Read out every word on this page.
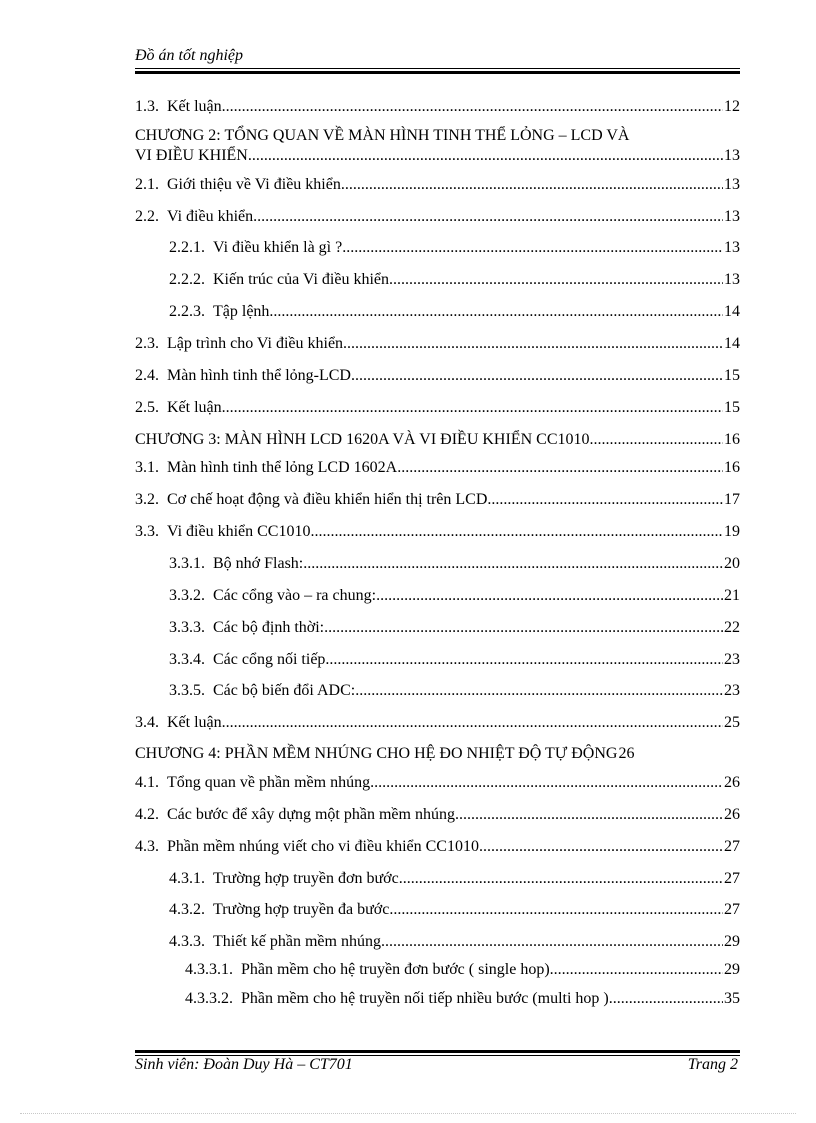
Đồ án tốt nghiệp
1.3. Kết luận .....	12
CHƯƠNG 2: TỔNG QUAN VỀ MÀN HÌNH TINH THỂ LỎNG – LCD VÀ
VI ĐIỀU KHIỂN .....	13
2.1. Giới thiệu về Vi điều khiển .....	13
2.2. Vi điều khiển. .....	13
2.2.1. Vi điều khiển là gì ? .....	13
2.2.2. Kiến trúc của Vi điều khiển .....	13
2.2.3. Tập lệnh .....	14
2.3. Lập trình cho Vi điều khiển .....	14
2.4. Màn hình tinh thể lỏng-LCD .....	15
2.5. Kết luận .....	15
CHƯƠNG 3: MÀN HÌNH LCD 1620A VÀ VI ĐIỀU KHIỂN CC1010 .....	16
3.1. Màn hình tinh thể lỏng LCD 1602A .....	16
3.2. Cơ chế hoạt động và điều khiển hiển thị trên LCD .....	17
3.3. Vi điều khiển CC1010 .....	19
3.3.1. Bộ nhớ Flash: .....	20
3.3.2. Các cổng vào – ra chung: .....	21
3.3.3. Các bộ định thời: .....	22
3.3.4. Các cổng nối tiếp .....	23
3.3.5. Các bộ biến đổi ADC: .....	23
3.4. Kết luận .....	25
CHƯƠNG 4: PHẦN MỀM NHÚNG CHO HỆ ĐO NHIỆT ĐỘ TỰ ĐỘNG 26
4.1. Tổng quan về phần mềm nhúng .....	26
4.2. Các bước để xây dựng một phần mềm nhúng .....	26
4.3. Phần mềm nhúng viết cho vi điều khiển CC1010 .....	27
4.3.1. Trường hợp truyền đơn bước .....	27
4.3.2. Trường hợp truyền đa bước. .....	27
4.3.3. Thiết kế phần mềm nhúng .....	29
4.3.3.1. Phần mềm cho hệ truyền đơn bước ( single hop) .....	29
4.3.3.2. Phần mềm cho hệ truyền nối tiếp nhiều bước (multi hop ) .....	35
Sinh viên: Đoàn Duy Hà – CT701	Trang 2
